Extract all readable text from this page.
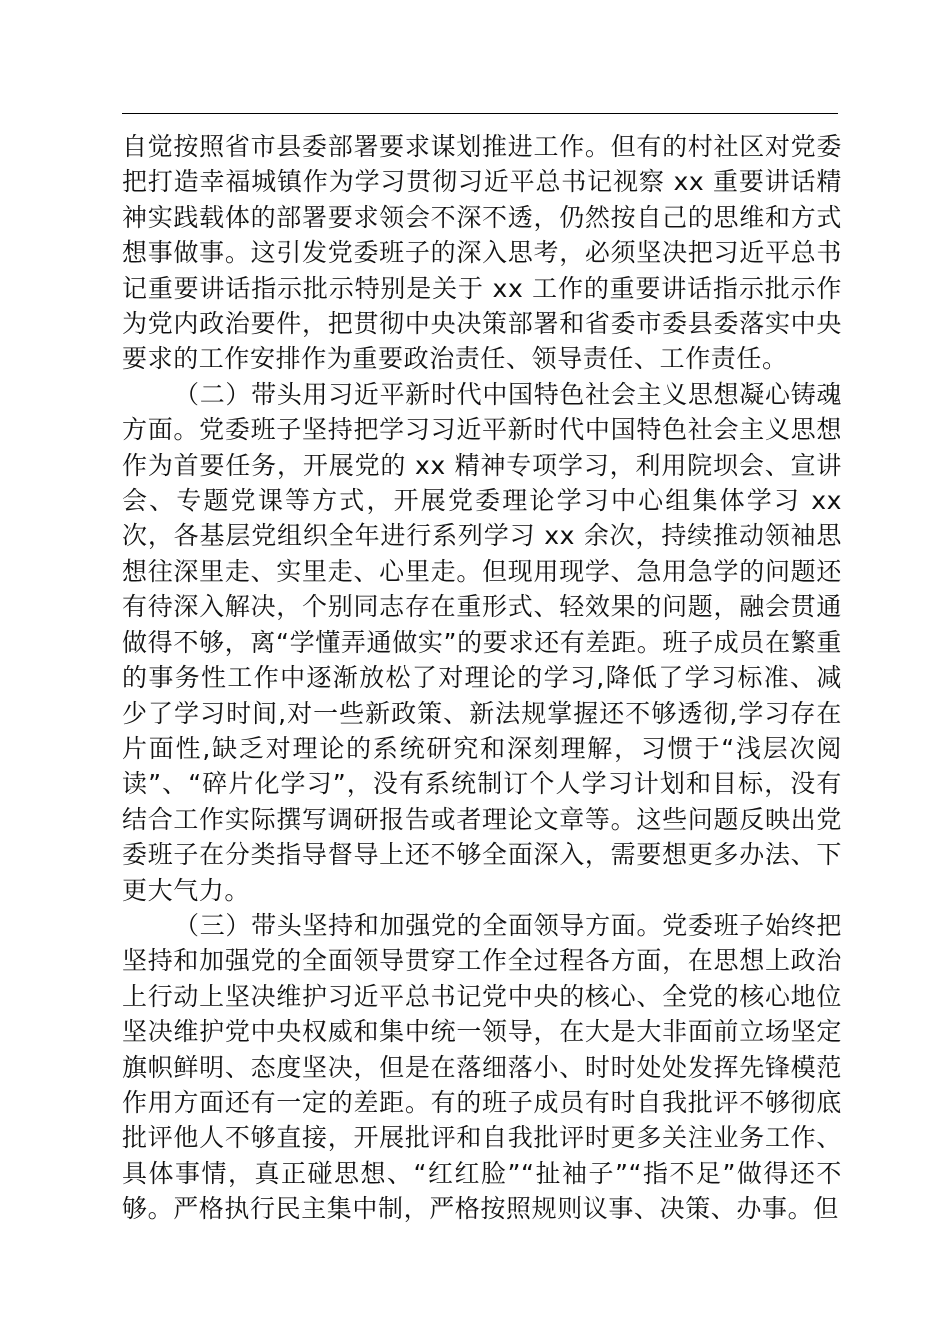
自觉按照省市县委部署要求谋划推进工作。但有的村社区对党委把打造幸福城镇作为学习贯彻习近平总书记视察 xx 重要讲话精神实践载体的部署要求领会不深不透，仍然按自己的思维和方式想事做事。这引发党委班子的深入思考，必须坚决把习近平总书记重要讲话指示批示特别是关于 xx 工作的重要讲话指示批示作为党内政治要件，把贯彻中央决策部署和省委市委县委落实中央要求的工作安排作为重要政治责任、领导责任、工作责任。

（二）带头用习近平新时代中国特色社会主义思想凝心铸魂方面。党委班子坚持把学习习近平新时代中国特色社会主义思想作为首要任务，开展党的 xx 精神专项学习，利用院坝会、宣讲会、专题党课等方式，开展党委理论学习中心组集体学习 xx 次，各基层党组织全年进行系列学习 xx 余次，持续推动领袖思想往深里走、实里走、心里走。但现用现学、急用急学的问题还有待深入解决，个别同志存在重形式、轻效果的问题，融会贯通做得不够，离“学懂弄通做实”的要求还有差距。班子成员在繁重的事务性工作中逐渐放松了对理论的学习,降低了学习标准、减少了学习时间,对一些新政策、新法规掌握还不够透彻,学习存在片面性,缺乏对理论的系统研究和深刻理解，习惯于“浅层次阅读”、“碎片化学习”，没有系统制订个人学习计划和目标，没有结合工作实际撰写调研报告或者理论文章等。这些问题反映出党委班子在分类指导督导上还不够全面深入，需要想更多办法、下更大气力。

（三）带头坚持和加强党的全面领导方面。党委班子始终把坚持和加强党的全面领导贯穿工作全过程各方面，在思想上政治上行动上坚决维护习近平总书记党中央的核心、全党的核心地位坚决维护党中央权威和集中统一领导，在大是大非面前立场坚定旗帜鲜明、态度坚决，但是在落细落小、时时处处发挥先锋模范作用方面还有一定的差距。有的班子成员有时自我批评不够彻底批评他人不够直接，开展批评和自我批评时更多关注业务工作、具体事情，真正碰思想、“红红脸”“扯袖子”“指不足”做得还不够。严格执行民主集中制，严格按照规则议事、决策、办事。但
